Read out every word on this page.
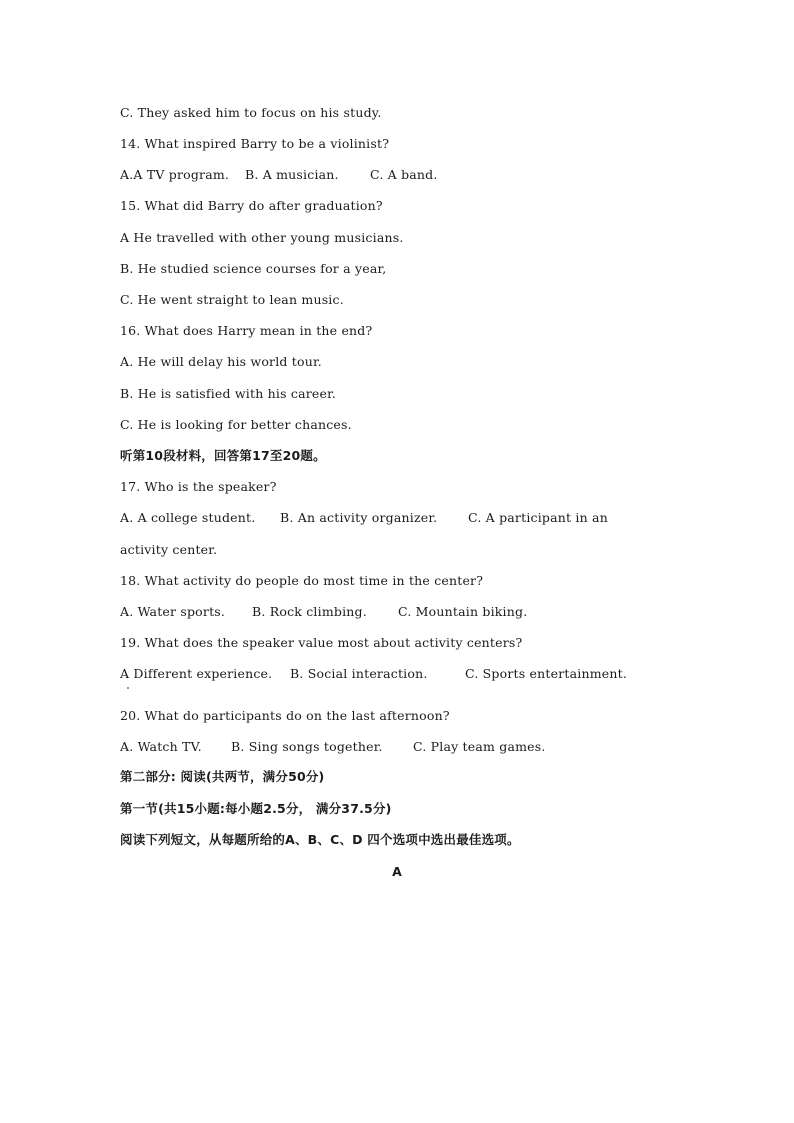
C. They asked him to focus on his study.

14. What inspired Barry to be a violinist?

A.A TV program. B. A musician.	C. A band.

15. What did Barry do after graduation?

A He travelled with other young musicians.

B. He studied science courses for a year,

C. He went straight to lean music.

16. What does Harry mean in the end?

A. He will delay his world tour.

B. He is satisfied with his career.

C. He is looking for better chances.

听第10段材料，回答第17至20题。

17. Who is the speaker?

A. A college student. B. An activity organizer. C. A participant in an

activity center.

18. What activity do people do most time in the center?

A. Water sports. B. Rock climbing. C. Mountain biking.

19. What does the speaker value most about activity centers?

A Different experience. B. Social interaction.	C. Sports entertainment.

20. What do participants do on the last afternoon?

A. Watch TV. B. Sing songs together. C. Play team games.

第二部分: 阅读(共两节，满分50分)

第一节(共15小题:每小题2.5分， 满分37.5分)

阅读下列短文，从每题所给的A、B、C、D 四个选项中选出最佳选项。

A
